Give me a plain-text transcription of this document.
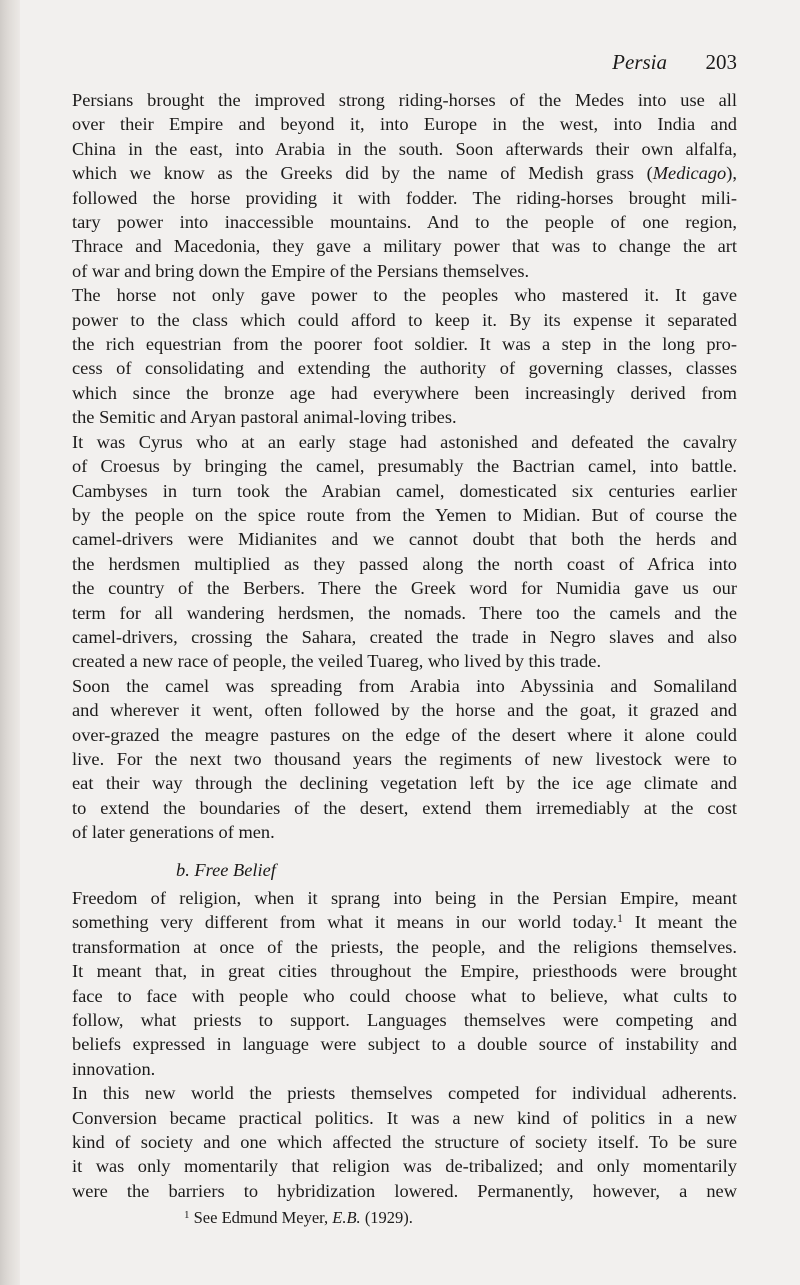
Persia 203

Persians brought the improved strong riding-horses of the Medes into use all
over their Empire and beyond it, into Europe in the west, into India and
China in the east, into Arabia in the south. Soon afterwards their own alfalfa,
which we know as the Greeks did by the name of Medish grass (Medicago),
followed the horse providing it with fodder. The riding-horses brought mili-
tary power into inaccessible mountains. And to the people of one region,
Thrace and Macedonia, they gave a military power that was to change the art
of war and bring down the Empire of the Persians themselves.

The horse not only gave power to the peoples who mastered it. It gave
power to the class which could afford to keep it. By its expense it separated
the rich equestrian from the poorer foot soldier. It was a step in the long pro-
cess of consolidating and extending the authority of governing classes, classes
which since the bronze age had everywhere been increasingly derived from
the Semitic and Aryan pastoral animal-loving tribes.

It was Cyrus who at an early stage had astonished and defeated the cavalry
of Croesus by bringing the camel, presumably the Bactrian camel, into battle.
Cambyses in turn took the Arabian camel, domesticated six centuries earlier
by the people on the spice route from the Yemen to Midian. But of course the
camel-drivers were Midianites and we cannot doubt that both the herds and
the herdsmen multiplied as they passed along the north coast of Africa into
the country of the Berbers. There the Greek word for Numidia gave us our
term for all wandering herdsmen, the nomads. There too the camels and the
camel-drivers, crossing the Sahara, created the trade in Negro slaves and also
created a new race of people, the veiled Tuareg, who lived by this trade.

Soon the camel was spreading from Arabia into Abyssinia and Somaliland
and wherever it went, often followed by the horse and the goat, it grazed and
over-grazed the meagre pastures on the edge of the desert where it alone could
live. For the next two thousand years the regiments of new livestock were to
eat their way through the declining vegetation left by the ice age climate and
to extend the boundaries of the desert, extend them irremediably at the cost
of later generations of men.

b. Free Belief

Freedom of religion, when it sprang into being in the Persian Empire, meant
something very different from what it means in our world today.$^1$ It meant the
transformation at once of the priests, the people, and the religions themselves.
It meant that, in great cities throughout the Empire, priesthoods were brought
face to face with people who could choose what to believe, what cults to
follow, what priests to support. Languages themselves were competing and
beliefs expressed in language were subject to a double source of instability and
innovation.

In this new world the priests themselves competed for individual adherents.
Conversion became practical politics. It was a new kind of politics in a new
kind of society and one which affected the structure of society itself. To be sure
it was only momentarily that religion was de-tribalized; and only momentarily
were the barriers to hybridization lowered. Permanently, however, a new

$^1$ See Edmund Meyer, E.B. (1929).
